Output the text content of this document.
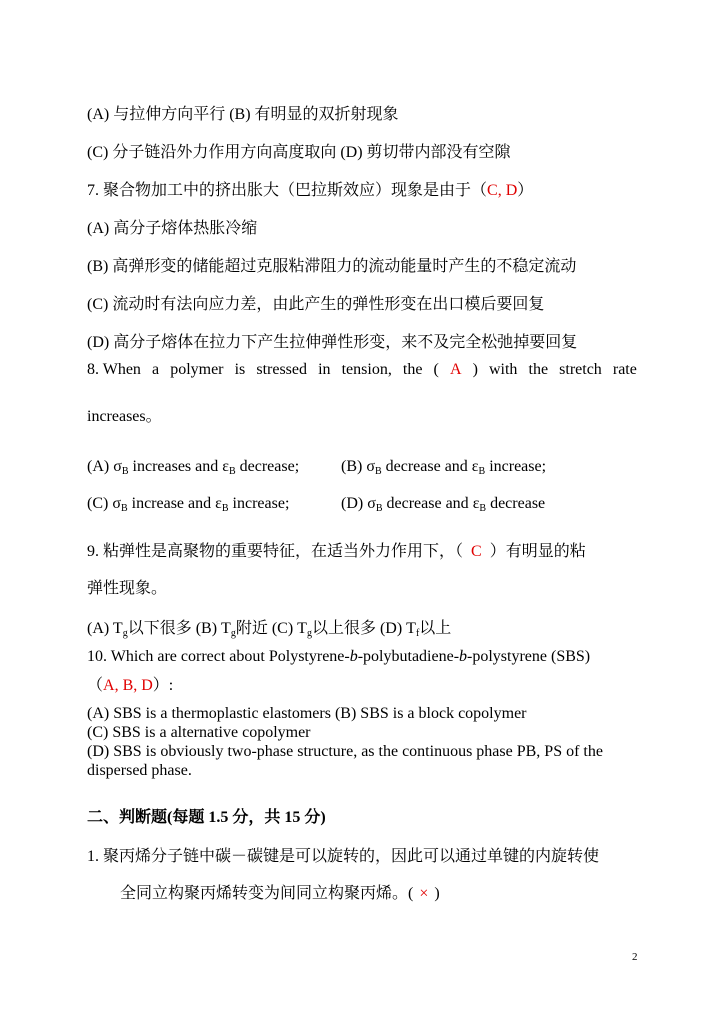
(A) 与拉伸方向平行 (B) 有明显的双折射现象
(C) 分子链沿外力作用方向高度取向 (D) 剪切带内部没有空隙
7. 聚合物加工中的挤出胀大（巴拉斯效应）现象是由于（C, D）
(A) 高分子熔体热胀冷缩
(B) 高弹形变的储能超过克服粘滞阻力的流动能量时产生的不稳定流动
(C) 流动时有法向应力差，由此产生的弹性形变在出口模后要回复
(D) 高分子熔体在拉力下产生拉伸弹性形变，来不及完全松弛掉要回复
8. When a polymer is stressed in tension, the ( A ) with the stretch rate
increases。
(A) $\sigma_B$ increases and $\varepsilon_B$ decrease;	(B) $\sigma_B$ decrease and $\varepsilon_B$ increase;
(C) $\sigma_B$ increase and $\varepsilon_B$ increase;	(D) $\sigma_B$ decrease and $\varepsilon_B$ decrease
9. 粘弹性是高聚物的重要特征，在适当外力作用下，（ C ）有明显的粘
弹性现象。
(A) $T_g$以下很多 (B) $T_g$附近 (C) $T_g$以上很多 (D) $T_f$以上
10. Which are correct about Polystyrene-b-polybutadiene-b-polystyrene (SBS)
（A, B, D）:
(A) SBS is a thermoplastic elastomers (B) SBS is a block copolymer
(C) SBS is a alternative copolymer
(D) SBS is obviously two-phase structure, as the continuous phase PB, PS of the
dispersed phase.
二、判断题(每题 1.5 分，共 15 分)
1. 聚丙烯分子链中碳－碳键是可以旋转的，因此可以通过单键的内旋转使
全同立构聚丙烯转变为间同立构聚丙烯。( × )
2
